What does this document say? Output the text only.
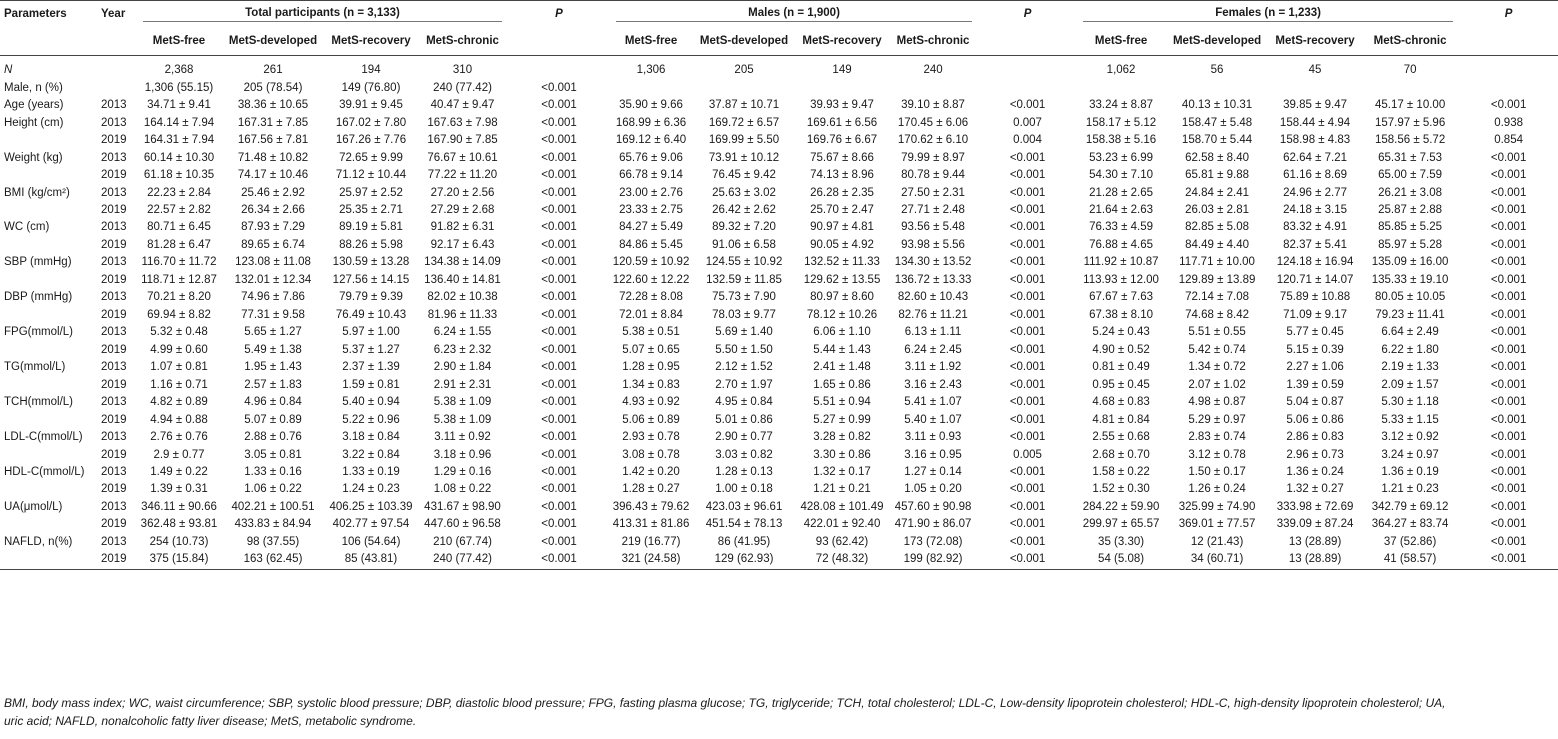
Parameters	Year	Total participants (n = 3,133)				P	Males (n = 1,900)				P	Females (n = 1,233)				P
		MetS-free	MetS-developed	MetS-recovery	MetS-chronic		MetS-free	MetS-developed	MetS-recovery	MetS-chronic		MetS-free	MetS-developed	MetS-recovery	MetS-chronic	
N		2,368	261	194	310		1,306	205	149	240		1,062	56	45	70	
Male, n (%)		1,306 (55.15)	205 (78.54)	149 (76.80)	240 (77.42)	<0.001										
Age (years)	2013	34.71 ± 9.41	38.36 ± 10.65	39.91 ± 9.45	40.47 ± 9.47	<0.001	35.90 ± 9.66	37.87 ± 10.71	39.93 ± 9.47	39.10 ± 8.87	<0.001	33.24 ± 8.87	40.13 ± 10.31	39.85 ± 9.47	45.17 ± 10.00	<0.001
Height (cm)	2013	164.14 ± 7.94	167.31 ± 7.85	167.02 ± 7.80	167.63 ± 7.98	<0.001	168.99 ± 6.36	169.72 ± 6.57	169.61 ± 6.56	170.45 ± 6.06	0.007	158.17 ± 5.12	158.47 ± 5.48	158.44 ± 4.94	157.97 ± 5.96	0.938
	2019	164.31 ± 7.94	167.56 ± 7.81	167.26 ± 7.76	167.90 ± 7.85	<0.001	169.12 ± 6.40	169.99 ± 5.50	169.76 ± 6.67	170.62 ± 6.10	0.004	158.38 ± 5.16	158.70 ± 5.44	158.98 ± 4.83	158.56 ± 5.72	0.854
Weight (kg)	2013	60.14 ± 10.30	71.48 ± 10.82	72.65 ± 9.99	76.67 ± 10.61	<0.001	65.76 ± 9.06	73.91 ± 10.12	75.67 ± 8.66	79.99 ± 8.97	<0.001	53.23 ± 6.99	62.58 ± 8.40	62.64 ± 7.21	65.31 ± 7.53	<0.001
	2019	61.18 ± 10.35	74.17 ± 10.46	71.12 ± 10.44	77.22 ± 11.20	<0.001	66.78 ± 9.14	76.45 ± 9.42	74.13 ± 8.96	80.78 ± 9.44	<0.001	54.30 ± 7.10	65.81 ± 9.88	61.16 ± 8.69	65.00 ± 7.59	<0.001
BMI (kg/cm²)	2013	22.23 ± 2.84	25.46 ± 2.92	25.97 ± 2.52	27.20 ± 2.56	<0.001	23.00 ± 2.76	25.63 ± 3.02	26.28 ± 2.35	27.50 ± 2.31	<0.001	21.28 ± 2.65	24.84 ± 2.41	24.96 ± 2.77	26.21 ± 3.08	<0.001
	2019	22.57 ± 2.82	26.34 ± 2.66	25.35 ± 2.71	27.29 ± 2.68	<0.001	23.33 ± 2.75	26.42 ± 2.62	25.70 ± 2.47	27.71 ± 2.48	<0.001	21.64 ± 2.63	26.03 ± 2.81	24.18 ± 3.15	25.87 ± 2.88	<0.001
WC (cm)	2013	80.71 ± 6.45	87.93 ± 7.29	89.19 ± 5.81	91.82 ± 6.31	<0.001	84.27 ± 5.49	89.32 ± 7.20	90.97 ± 4.81	93.56 ± 5.48	<0.001	76.33 ± 4.59	82.85 ± 5.08	83.32 ± 4.91	85.85 ± 5.25	<0.001
	2019	81.28 ± 6.47	89.65 ± 6.74	88.26 ± 5.98	92.17 ± 6.43	<0.001	84.86 ± 5.45	91.06 ± 6.58	90.05 ± 4.92	93.98 ± 5.56	<0.001	76.88 ± 4.65	84.49 ± 4.40	82.37 ± 5.41	85.97 ± 5.28	<0.001
SBP (mmHg)	2013	116.70 ± 11.72	123.08 ± 11.08	130.59 ± 13.28	134.38 ± 14.09	<0.001	120.59 ± 10.92	124.55 ± 10.92	132.52 ± 11.33	134.30 ± 13.52	<0.001	111.92 ± 10.87	117.71 ± 10.00	124.18 ± 16.94	135.09 ± 16.00	<0.001
	2019	118.71 ± 12.87	132.01 ± 12.34	127.56 ± 14.15	136.40 ± 14.81	<0.001	122.60 ± 12.22	132.59 ± 11.85	129.62 ± 13.55	136.72 ± 13.33	<0.001	113.93 ± 12.00	129.89 ± 13.89	120.71 ± 14.07	135.33 ± 19.10	<0.001
DBP (mmHg)	2013	70.21 ± 8.20	74.96 ± 7.86	79.79 ± 9.39	82.02 ± 10.38	<0.001	72.28 ± 8.08	75.73 ± 7.90	80.97 ± 8.60	82.60 ± 10.43	<0.001	67.67 ± 7.63	72.14 ± 7.08	75.89 ± 10.88	80.05 ± 10.05	<0.001
	2019	69.94 ± 8.82	77.31 ± 9.58	76.49 ± 10.43	81.96 ± 11.33	<0.001	72.01 ± 8.84	78.03 ± 9.77	78.12 ± 10.26	82.76 ± 11.21	<0.001	67.38 ± 8.10	74.68 ± 8.42	71.09 ± 9.17	79.23 ± 11.41	<0.001
FPG(mmol/L)	2013	5.32 ± 0.48	5.65 ± 1.27	5.97 ± 1.00	6.24 ± 1.55	<0.001	5.38 ± 0.51	5.69 ± 1.40	6.06 ± 1.10	6.13 ± 1.11	<0.001	5.24 ± 0.43	5.51 ± 0.55	5.77 ± 0.45	6.64 ± 2.49	<0.001
	2019	4.99 ± 0.60	5.49 ± 1.38	5.37 ± 1.27	6.23 ± 2.32	<0.001	5.07 ± 0.65	5.50 ± 1.50	5.44 ± 1.43	6.24 ± 2.45	<0.001	4.90 ± 0.52	5.42 ± 0.74	5.15 ± 0.39	6.22 ± 1.80	<0.001
TG(mmol/L)	2013	1.07 ± 0.81	1.95 ± 1.43	2.37 ± 1.39	2.90 ± 1.84	<0.001	1.28 ± 0.95	2.12 ± 1.52	2.41 ± 1.48	3.11 ± 1.92	<0.001	0.81 ± 0.49	1.34 ± 0.72	2.27 ± 1.06	2.19 ± 1.33	<0.001
	2019	1.16 ± 0.71	2.57 ± 1.83	1.59 ± 0.81	2.91 ± 2.31	<0.001	1.34 ± 0.83	2.70 ± 1.97	1.65 ± 0.86	3.16 ± 2.43	<0.001	0.95 ± 0.45	2.07 ± 1.02	1.39 ± 0.59	2.09 ± 1.57	<0.001
TCH(mmol/L)	2013	4.82 ± 0.89	4.96 ± 0.84	5.40 ± 0.94	5.38 ± 1.09	<0.001	4.93 ± 0.92	4.95 ± 0.84	5.51 ± 0.94	5.41 ± 1.07	<0.001	4.68 ± 0.83	4.98 ± 0.87	5.04 ± 0.87	5.30 ± 1.18	<0.001
	2019	4.94 ± 0.88	5.07 ± 0.89	5.22 ± 0.96	5.38 ± 1.09	<0.001	5.06 ± 0.89	5.01 ± 0.86	5.27 ± 0.99	5.40 ± 1.07	<0.001	4.81 ± 0.84	5.29 ± 0.97	5.06 ± 0.86	5.33 ± 1.15	<0.001
LDL-C(mmol/L)	2013	2.76 ± 0.76	2.88 ± 0.76	3.18 ± 0.84	3.11 ± 0.92	<0.001	2.93 ± 0.78	2.90 ± 0.77	3.28 ± 0.82	3.11 ± 0.93	<0.001	2.55 ± 0.68	2.83 ± 0.74	2.86 ± 0.83	3.12 ± 0.92	<0.001
	2019	2.9 ± 0.77	3.05 ± 0.81	3.22 ± 0.84	3.18 ± 0.96	<0.001	3.08 ± 0.78	3.03 ± 0.82	3.30 ± 0.86	3.16 ± 0.95	0.005	2.68 ± 0.70	3.12 ± 0.78	2.96 ± 0.73	3.24 ± 0.97	<0.001
HDL-C(mmol/L)	2013	1.49 ± 0.22	1.33 ± 0.16	1.33 ± 0.19	1.29 ± 0.16	<0.001	1.42 ± 0.20	1.28 ± 0.13	1.32 ± 0.17	1.27 ± 0.14	<0.001	1.58 ± 0.22	1.50 ± 0.17	1.36 ± 0.24	1.36 ± 0.19	<0.001
	2019	1.39 ± 0.31	1.06 ± 0.22	1.24 ± 0.23	1.08 ± 0.22	<0.001	1.28 ± 0.27	1.00 ± 0.18	1.21 ± 0.21	1.05 ± 0.20	<0.001	1.52 ± 0.30	1.26 ± 0.24	1.32 ± 0.27	1.21 ± 0.23	<0.001
UA(μmol/L)	2013	346.11 ± 90.66	402.21 ± 100.51	406.25 ± 103.39	431.67 ± 98.90	<0.001	396.43 ± 79.62	423.03 ± 96.61	428.08 ± 101.49	457.60 ± 90.98	<0.001	284.22 ± 59.90	325.99 ± 74.90	333.98 ± 72.69	342.79 ± 69.12	<0.001
	2019	362.48 ± 93.81	433.83 ± 84.94	402.77 ± 97.54	447.60 ± 96.58	<0.001	413.31 ± 81.86	451.54 ± 78.13	422.01 ± 92.40	471.90 ± 86.07	<0.001	299.97 ± 65.57	369.01 ± 77.57	339.09 ± 87.24	364.27 ± 83.74	<0.001
NAFLD, n(%)	2013	254 (10.73)	98 (37.55)	106 (54.64)	210 (67.74)	<0.001	219 (16.77)	86 (41.95)	93 (62.42)	173 (72.08)	<0.001	35 (3.30)	12 (21.43)	13 (28.89)	37 (52.86)	<0.001
	2019	375 (15.84)	163 (62.45)	85 (43.81)	240 (77.42)	<0.001	321 (24.58)	129 (62.93)	72 (48.32)	199 (82.92)	<0.001	54 (5.08)	34 (60.71)	13 (28.89)	41 (58.57)	<0.001
BMI, body mass index; WC, waist circumference; SBP, systolic blood pressure; DBP, diastolic blood pressure; FPG, fasting plasma glucose; TG, triglyceride; TCH, total cholesterol; LDL-C, Low-density lipoprotein cholesterol; HDL-C, high-density lipoprotein cholesterol; UA, uric acid; NAFLD, nonalcoholic fatty liver disease; MetS, metabolic syndrome.
